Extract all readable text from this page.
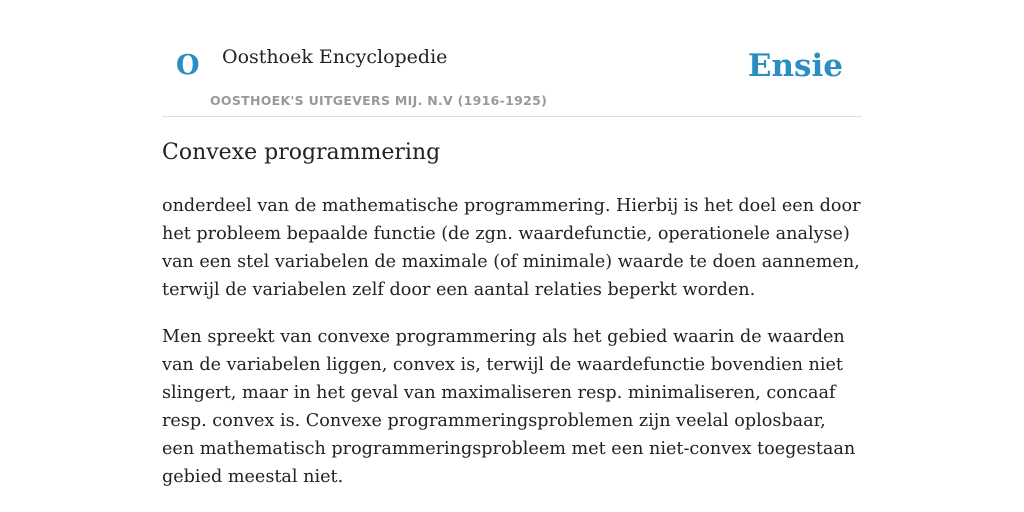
O Oosthoek Encyclopedie
OOSTHOEK'S UITGEVERS MIJ. N.V (1916-1925)
Ensie
Convexe programmering

onderdeel van de mathematische programmering. Hierbij is het doel een door het probleem bepaalde functie (de zgn. waardefunctie, operationele analyse) van een stel variabelen de maximale (of minimale) waarde te doen aannemen, terwijl de variabelen zelf door een aantal relaties beperkt worden.

Men spreekt van convexe programmering als het gebied waarin de waarden van de variabelen liggen, convex is, terwijl de waardefunctie bovendien niet slingert, maar in het geval van maximaliseren resp. minimaliseren, concaaf resp. convex is. Convexe programmeringsproblemen zijn veelal oplosbaar, een mathematisch programmeringsprobleem met een niet-convex toegestaan gebied meestal niet.
